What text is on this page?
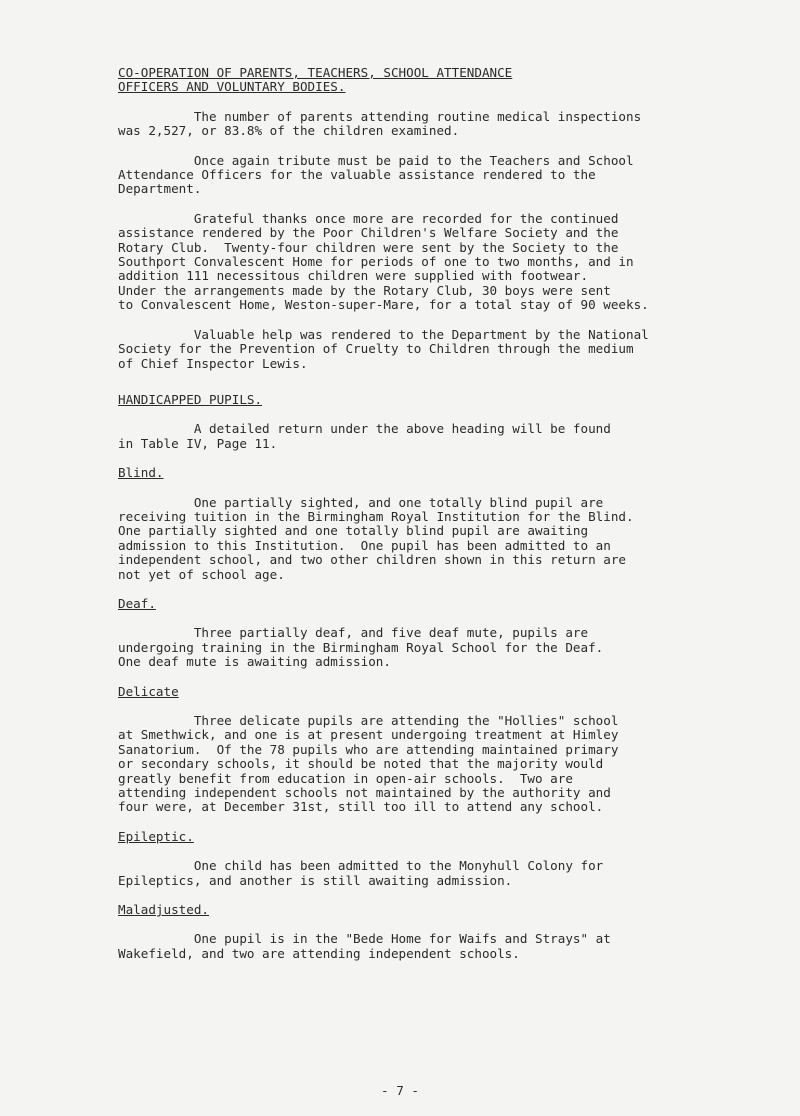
CO-OPERATION OF PARENTS, TEACHERS, SCHOOL ATTENDANCE
OFFICERS AND VOLUNTARY BODIES.

The number of parents attending routine medical inspections
was 2,527, or 83.8% of the children examined.

Once again tribute must be paid to the Teachers and School
Attendance Officers for the valuable assistance rendered to the
Department.

Grateful thanks once more are recorded for the continued
assistance rendered by the Poor Children's Welfare Society and the
Rotary Club.  Twenty-four children were sent by the Society to the
Southport Convalescent Home for periods of one to two months, and in
addition 111 necessitous children were supplied with footwear.
Under the arrangements made by the Rotary Club, 30 boys were sent
to Convalescent Home, Weston-super-Mare, for a total stay of 90 weeks.

Valuable help was rendered to the Department by the National
Society for the Prevention of Cruelty to Children through the medium
of Chief Inspector Lewis.

HANDICAPPED PUPILS.

A detailed return under the above heading will be found
in Table IV, Page 11.

Blind.

One partially sighted, and one totally blind pupil are
receiving tuition in the Birmingham Royal Institution for the Blind.
One partially sighted and one totally blind pupil are awaiting
admission to this Institution.  One pupil has been admitted to an
independent school, and two other children shown in this return are
not yet of school age.

Deaf.

Three partially deaf, and five deaf mute, pupils are
undergoing training in the Birmingham Royal School for the Deaf.
One deaf mute is awaiting admission.

Delicate

Three delicate pupils are attending the "Hollies" school
at Smethwick, and one is at present undergoing treatment at Himley
Sanatorium.  Of the 78 pupils who are attending maintained primary
or secondary schools, it should be noted that the majority would
greatly benefit from education in open-air schools.  Two are
attending independent schools not maintained by the authority and
four were, at December 31st, still too ill to attend any school.

Epileptic.

One child has been admitted to the Monyhull Colony for
Epileptics, and another is still awaiting admission.

Maladjusted.

One pupil is in the "Bede Home for Waifs and Strays" at
Wakefield, and two are attending independent schools.

- 7 -
